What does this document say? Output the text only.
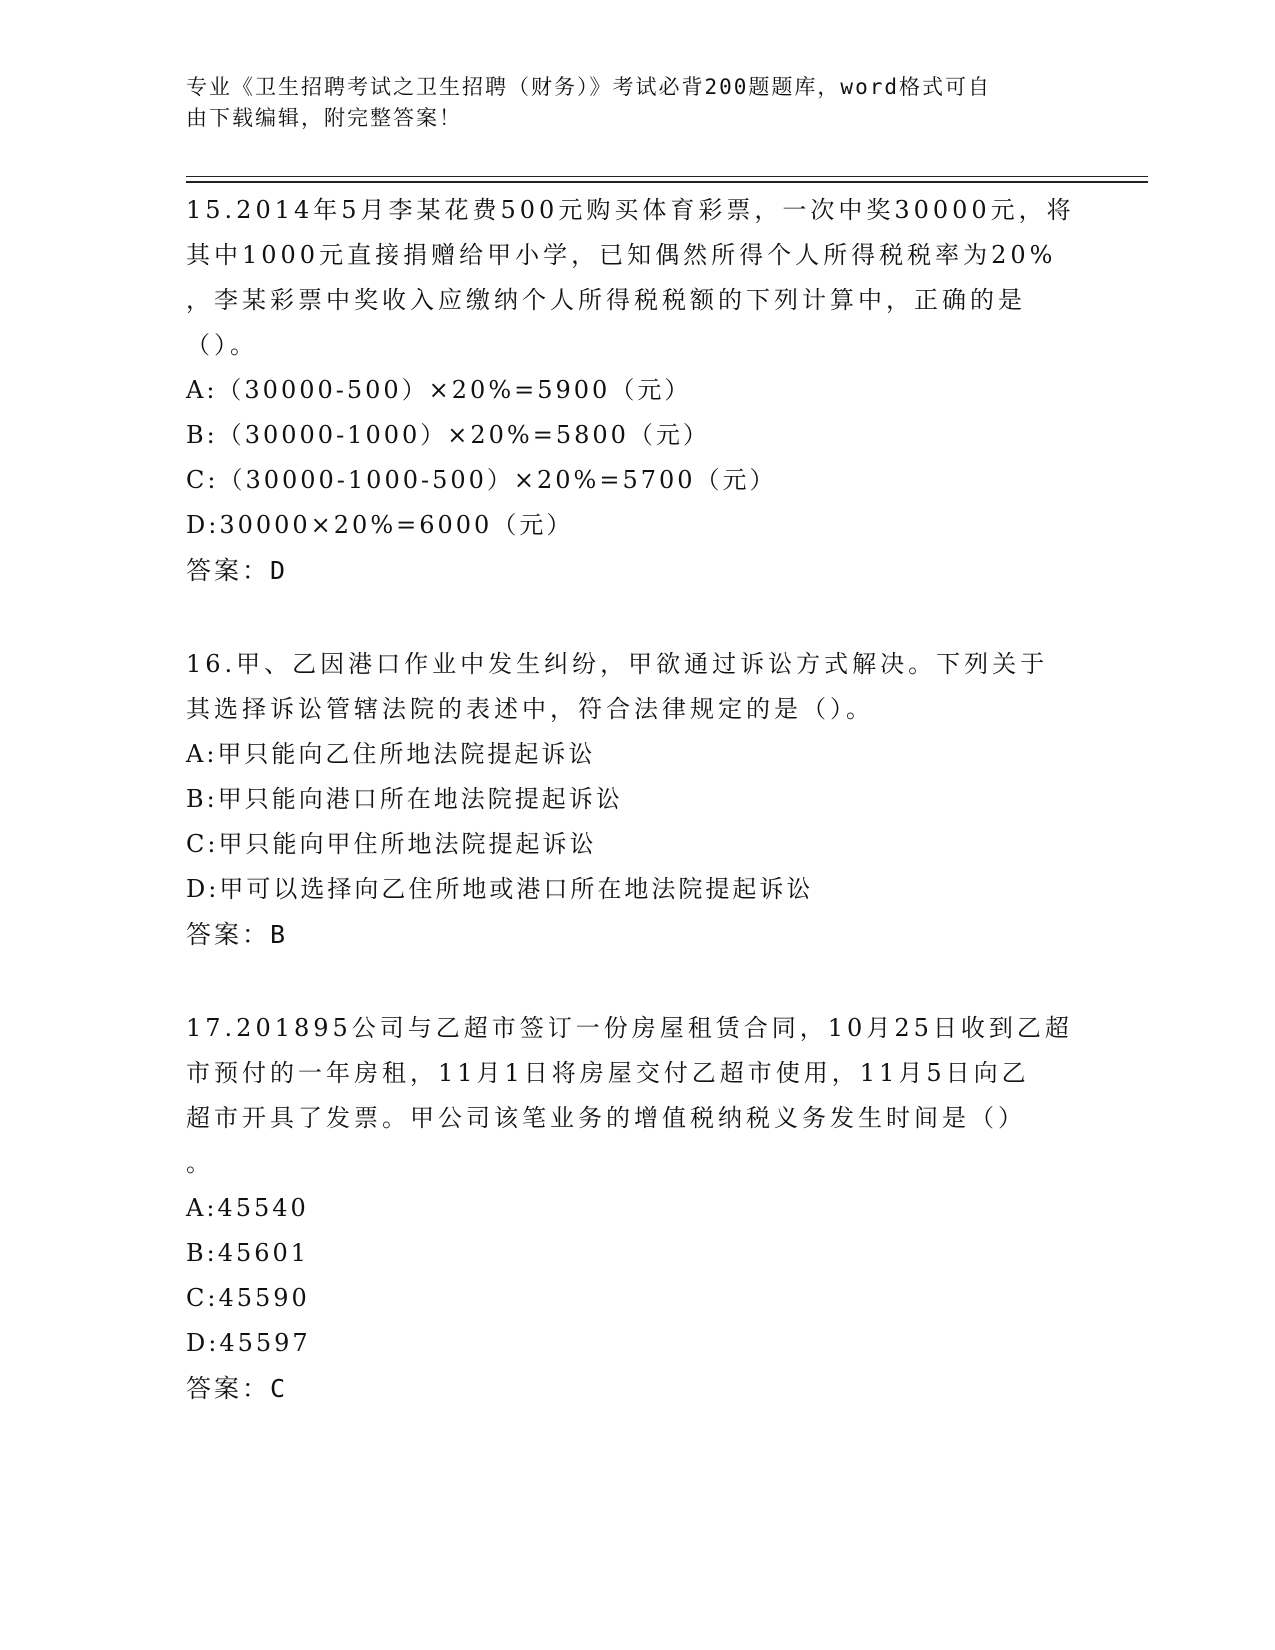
专业《卫生招聘考试之卫生招聘（财务）》考试必背200题题库，word格式可自
由下载编辑，附完整答案！

15.2014年5月李某花费500元购买体育彩票，一次中奖30000元，将

其中1000元直接捐赠给甲小学，已知偶然所得个人所得税税率为20%

，李某彩票中奖收入应缴纳个人所得税税额的下列计算中，正确的是

（）。

A:（30000-500）×20%=5900（元）

B:（30000-1000）×20%=5800（元）

C:（30000-1000-500）×20%=5700（元）

D:30000×20%=6000（元）

答案：D

16.甲、乙因港口作业中发生纠纷，甲欲通过诉讼方式解决。下列关于

其选择诉讼管辖法院的表述中，符合法律规定的是（）。

A:甲只能向乙住所地法院提起诉讼

B:甲只能向港口所在地法院提起诉讼

C:甲只能向甲住所地法院提起诉讼

D:甲可以选择向乙住所地或港口所在地法院提起诉讼

答案：B

17.201895公司与乙超市签订一份房屋租赁合同，10月25日收到乙超

市预付的一年房租，11月1日将房屋交付乙超市使用，11月5日向乙

超市开具了发票。甲公司该笔业务的增值税纳税义务发生时间是（）

。

A:45540

B:45601

C:45590

D:45597

答案：C
